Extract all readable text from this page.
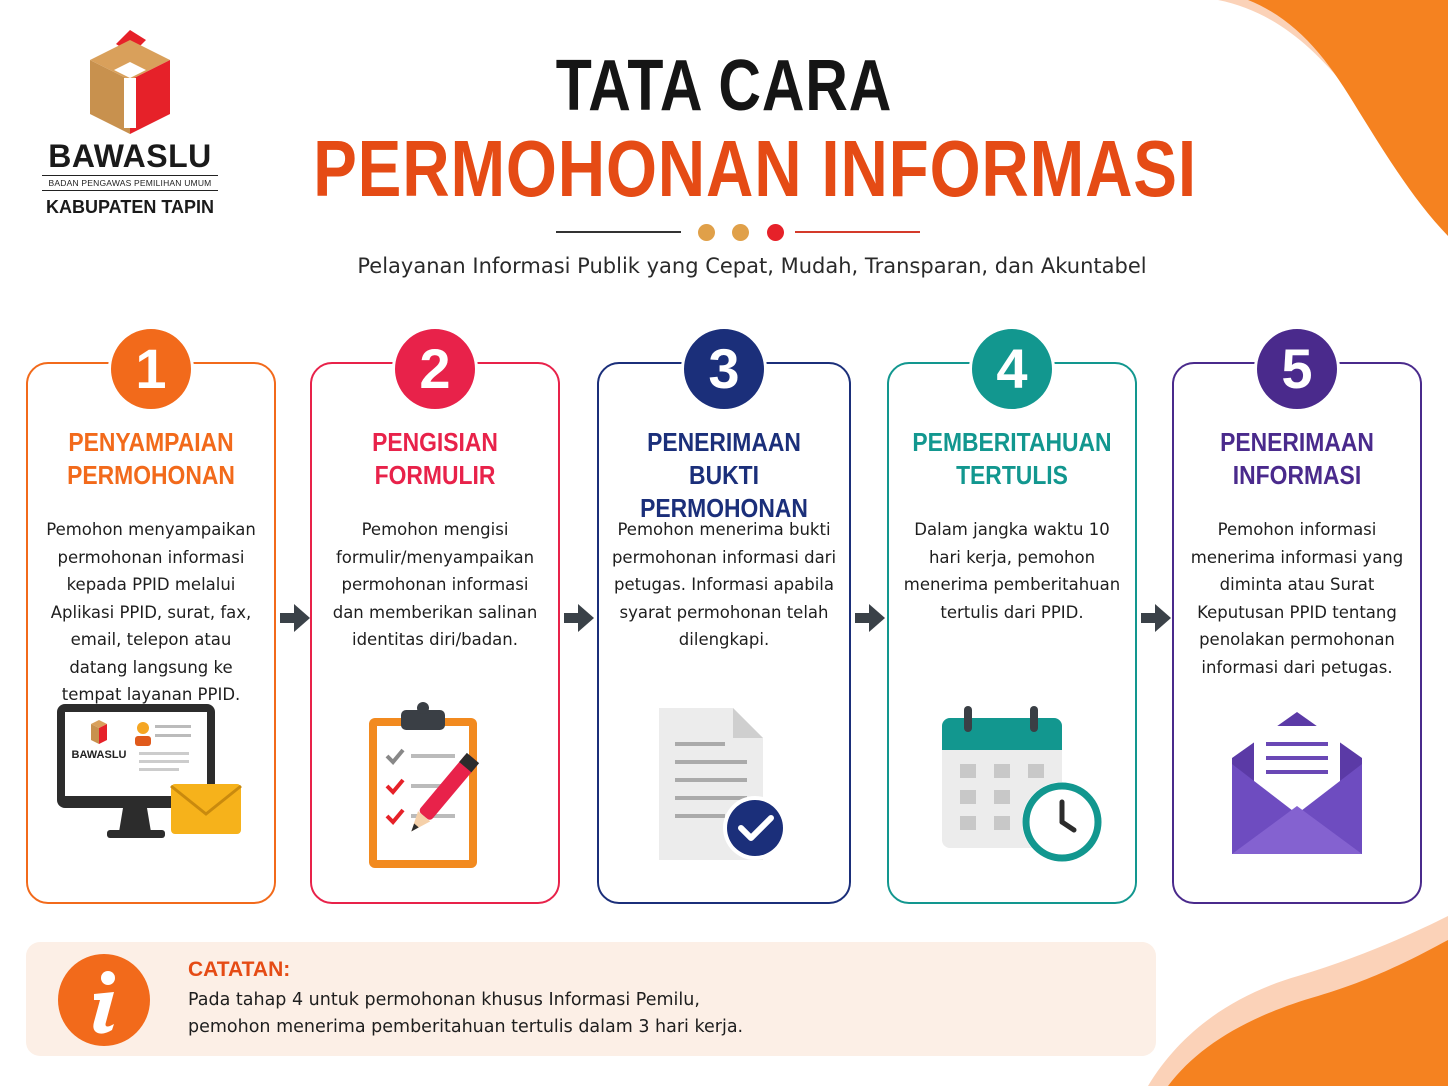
BAWASLU
BADAN PENGAWAS PEMILIHAN UMUM
KABUPATEN TAPIN
TATA CARA
PERMOHONAN INFORMASI
Pelayanan Informasi Publik yang Cepat, Mudah, Transparan, dan Akuntabel
1
PENYAMPAIAN PERMOHONAN
Pemohon menyampaikan permohonan informasi kepada PPID melalui Aplikasi PPID, surat, fax, email, telepon atau datang langsung ke tempat layanan PPID.
BAWASLU
2
PENGISIAN FORMULIR
Pemohon mengisi formulir/menyampaikan permohonan informasi dan memberikan salinan identitas diri/badan.
3
PENERIMAAN BUKTI PERMOHONAN
Pemohon menerima bukti permohonan informasi dari petugas. Informasi apabila syarat permohonan telah dilengkapi.
4
PEMBERITAHUAN TERTULIS
Dalam jangka waktu 10 hari kerja, pemohon menerima pemberitahuan tertulis dari PPID.
5
PENERIMAAN INFORMASI
Pemohon informasi menerima informasi yang diminta atau Surat Keputusan PPID tentang penolakan permohonan informasi dari petugas.
CATATAN:
Pada tahap 4 untuk permohonan khusus Informasi Pemilu,
pemohon menerima pemberitahuan tertulis dalam 3 hari kerja.
